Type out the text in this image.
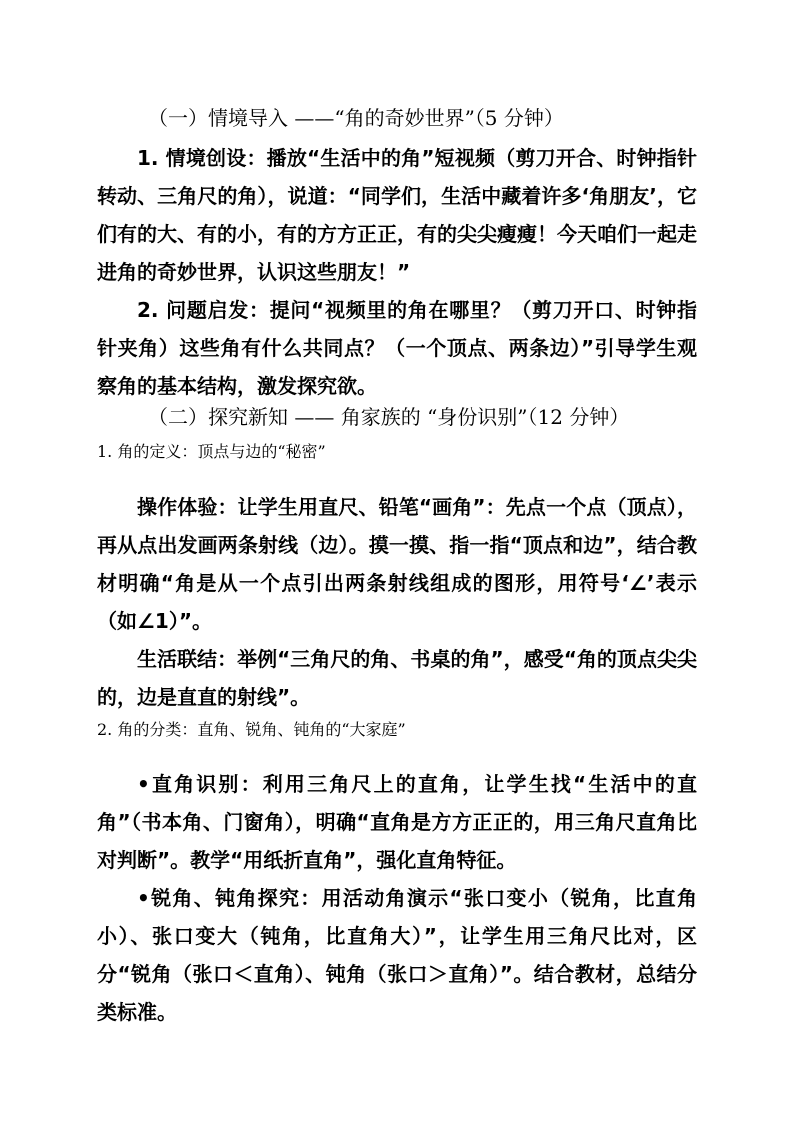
（一）情境导入 ——“角的奇妙世界”（5 分钟）

1. 情境创设：播放“生活中的角”短视频（剪刀开合、时钟指针转动、三角尺的角），说道：“同学们，生活中藏着许多‘角朋友’，它们有的大、有的小，有的方方正正，有的尖尖瘦瘦！今天咱们一起走进角的奇妙世界，认识这些朋友！”

2. 问题启发：提问“视频里的角在哪里？（剪刀开口、时钟指针夹角）这些角有什么共同点？（一个顶点、两条边）”引导学生观察角的基本结构，激发探究欲。

（二）探究新知 —— 角家族的 “身份识别”（12 分钟）
1. 角的定义：顶点与边的“秘密”

操作体验：让学生用直尺、铅笔“画角”：先点一个点（顶点），再从点出发画两条射线（边）。摸一摸、指一指“顶点和边”，结合教材明确“角是从一个点引出两条射线组成的图形，用符号‘∠’表示（如∠1）”。

生活联结：举例“三角尺的角、书桌的角”，感受“角的顶点尖尖的，边是直直的射线”。

2. 角的分类：直角、锐角、钝角的“大家庭”

•直角识别：利用三角尺上的直角，让学生找“生活中的直角”（书本角、门窗角），明确“直角是方方正正的，用三角尺直角比对判断”。教学“用纸折直角”，强化直角特征。

•锐角、钝角探究：用活动角演示“张口变小（锐角，比直角小）、张口变大（钝角，比直角大）”，让学生用三角尺比对，区分“锐角（张口＜直角）、钝角（张口＞直角）”。结合教材，总结分类标准。
